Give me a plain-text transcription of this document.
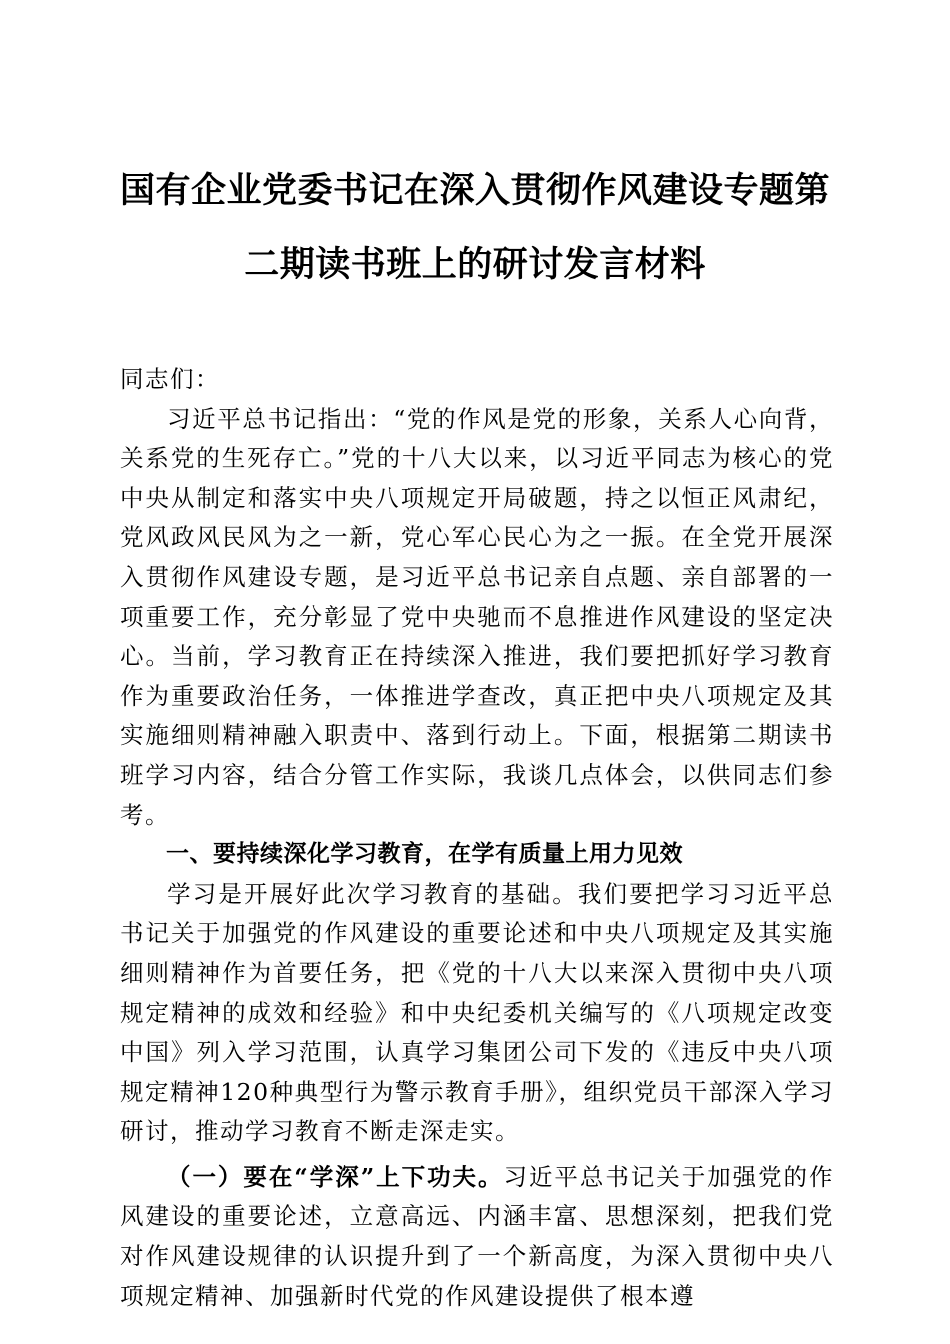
国有企业党委书记在深入贯彻作风建设专题第
二期读书班上的研讨发言材料

同志们：

习近平总书记指出：“党的作风是党的形象，关系人心向背，关系党的生死存亡。”党的十八大以来，以习近平同志为核心的党中央从制定和落实中央八项规定开局破题，持之以恒正风肃纪，党风政风民风为之一新，党心军心民心为之一振。在全党开展深入贯彻作风建设专题，是习近平总书记亲自点题、亲自部署的一项重要工作，充分彰显了党中央驰而不息推进作风建设的坚定决心。当前，学习教育正在持续深入推进，我们要把抓好学习教育作为重要政治任务，一体推进学查改，真正把中央八项规定及其实施细则精神融入职责中、落到行动上。下面，根据第二期读书班学习内容，结合分管工作实际，我谈几点体会，以供同志们参考。

一、要持续深化学习教育，在学有质量上用力见效

学习是开展好此次学习教育的基础。我们要把学习习近平总书记关于加强党的作风建设的重要论述和中央八项规定及其实施细则精神作为首要任务，把《党的十八大以来深入贯彻中央八项规定精神的成效和经验》和中央纪委机关编写的《八项规定改变中国》列入学习范围，认真学习集团公司下发的《违反中央八项规定精神120种典型行为警示教育手册》，组织党员干部深入学习研讨，推动学习教育不断走深走实。

（一）要在“学深”上下功夫。习近平总书记关于加强党的作风建设的重要论述，立意高远、内涵丰富、思想深刻，把我们党对作风建设规律的认识提升到了一个新高度，为深入贯彻中央八项规定精神、加强新时代党的作风建设提供了根本遵
